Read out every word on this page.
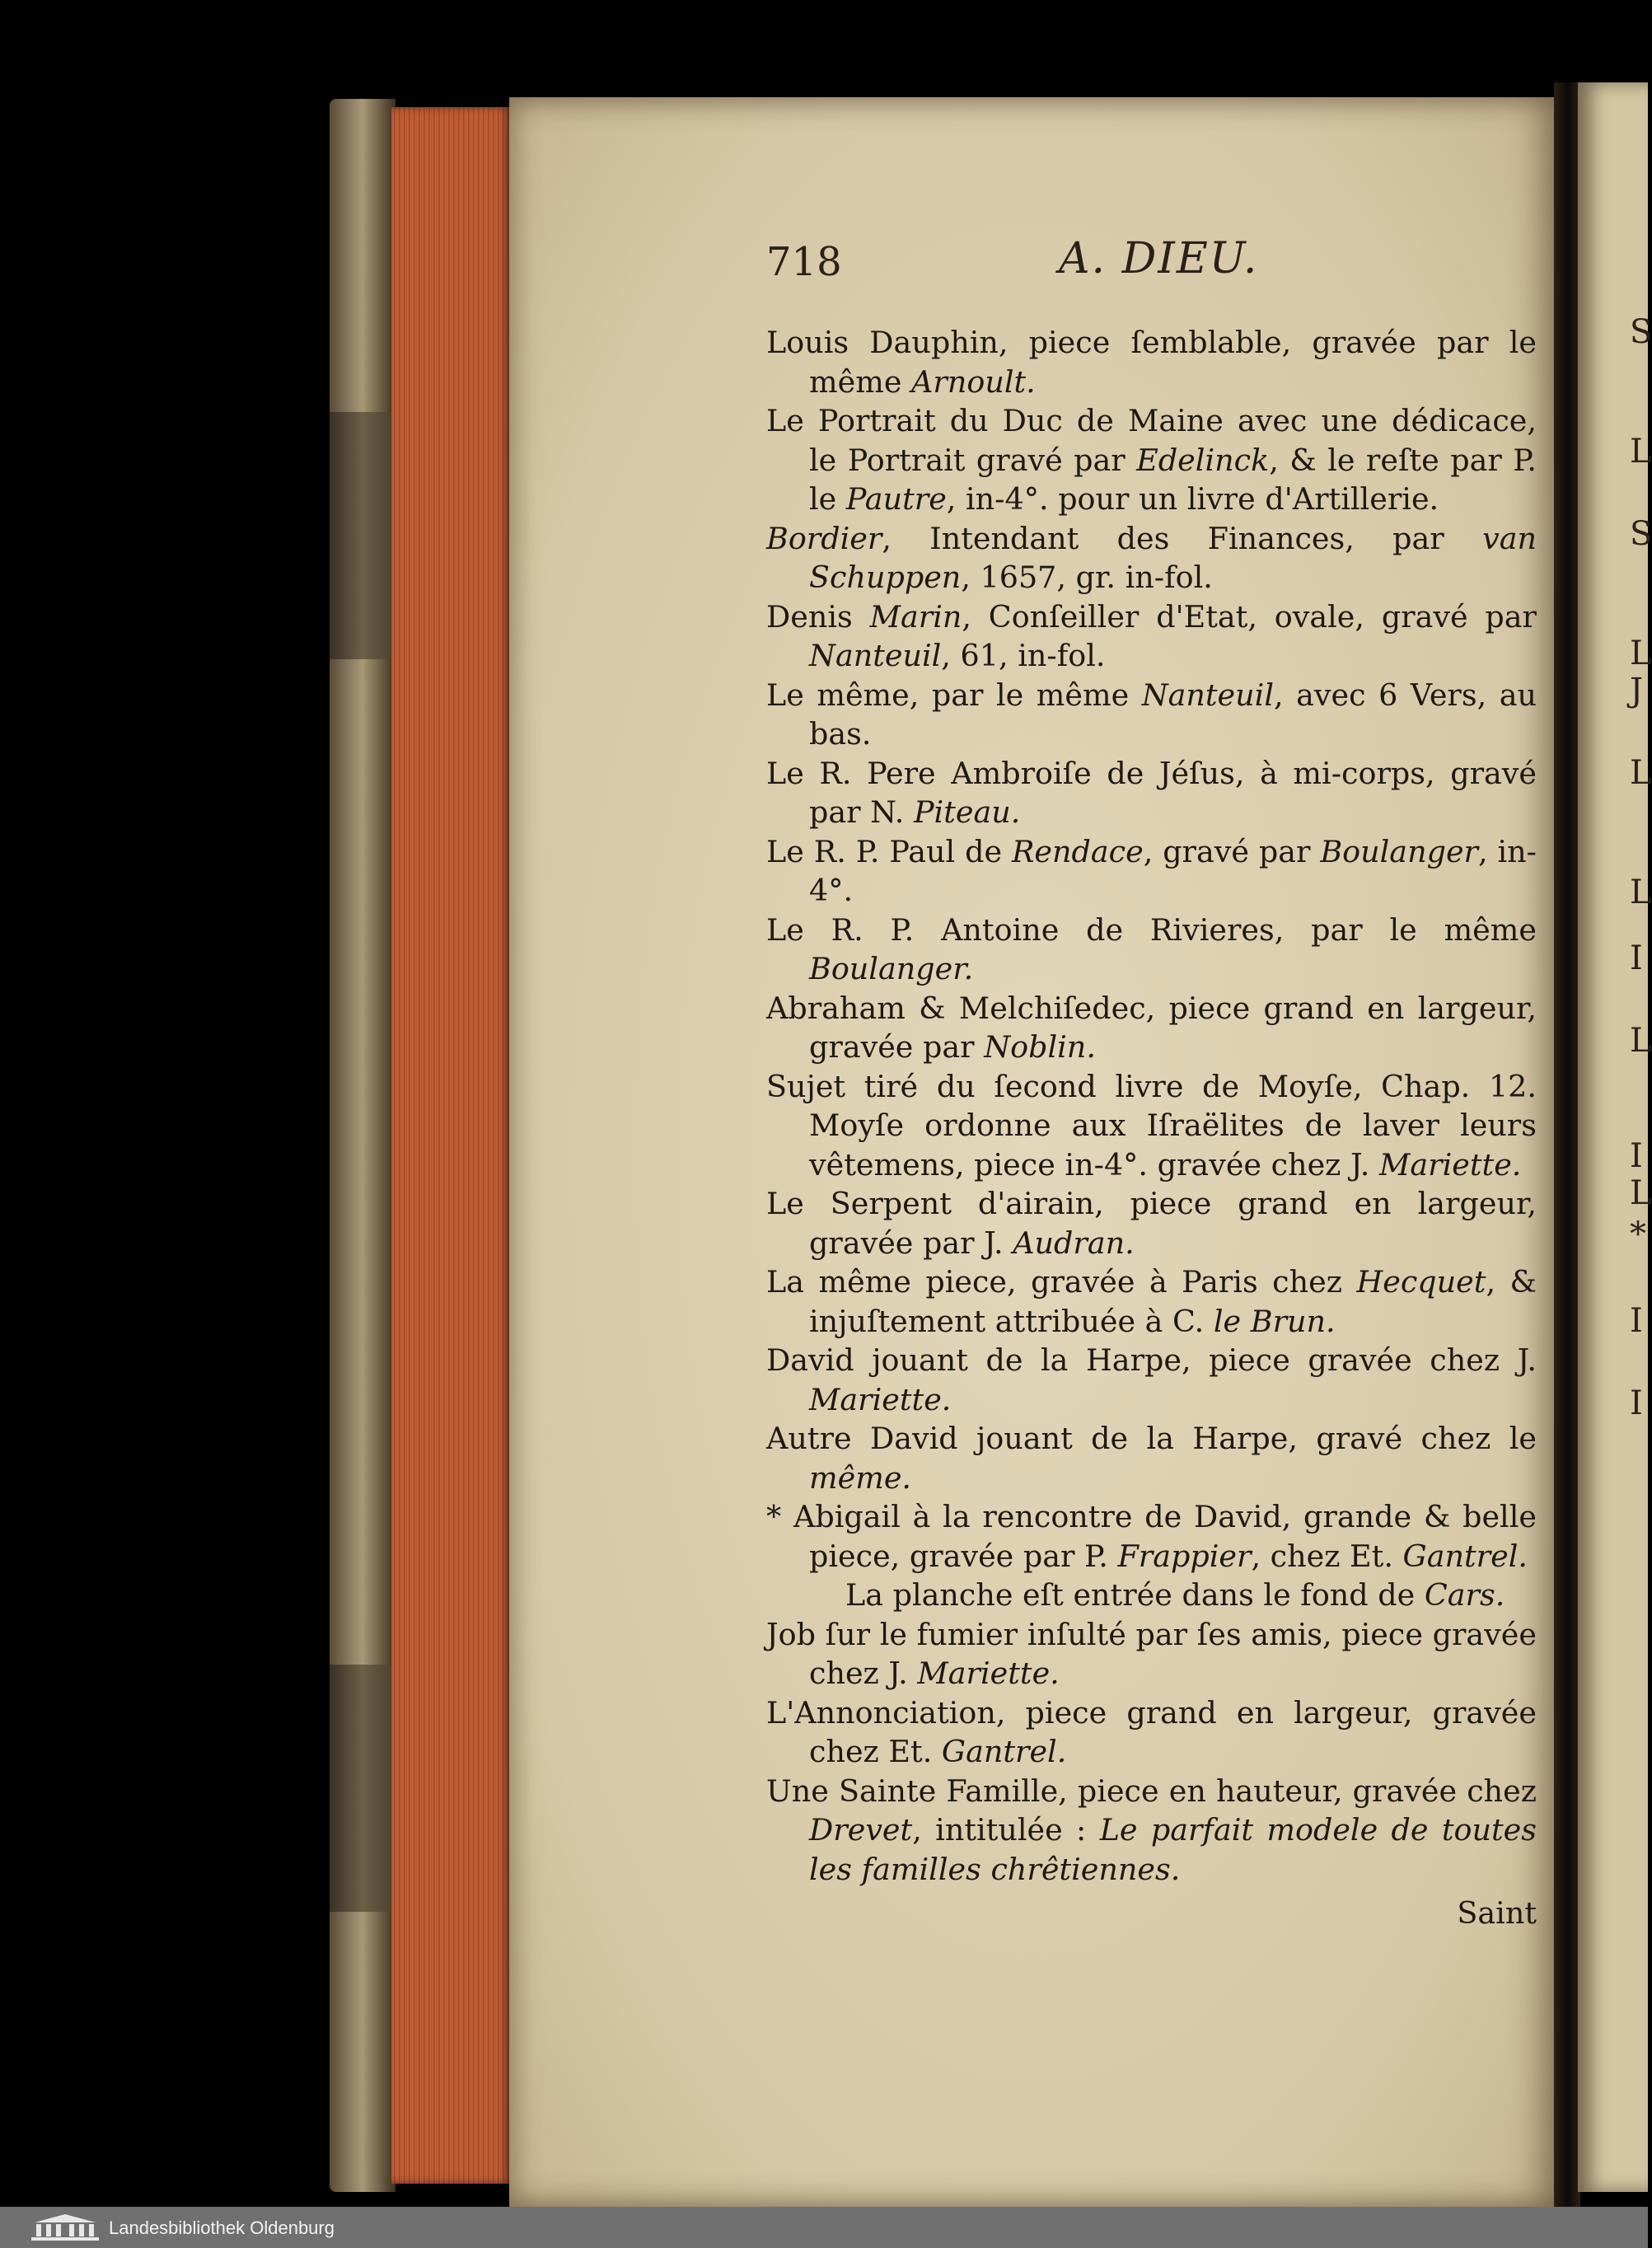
718	A. DIEU.

Louis Dauphin, piece ſemblable, gravée par le même Arnoult.

Le Portrait du Duc de Maine avec une dédicace, le Portrait gravé par Edelinck, & le reſte par P. le Pautre, in-4°. pour un livre d'Artillerie.

Bordier, Intendant des Finances, par van Schuppen, 1657, gr. in-fol.

Denis Marin, Conſeiller d'Etat, ovale, gravé par Nanteuil, 61, in-fol.

Le même, par le même Nanteuil, avec 6 Vers, au bas.

Le R. Pere Ambroiſe de Jéſus, à mi-corps, gravé par N. Piteau.

Le R. P. Paul de Rendace, gravé par Boulanger, in-4°.

Le R. P. Antoine de Rivieres, par le même Boulanger.

Abraham & Melchiſedec, piece grand en largeur, gravée par Noblin.

Sujet tiré du ſecond livre de Moyſe, Chap. 12. Moyſe ordonne aux Iſraëlites de laver leurs vêtemens, piece in-4°. gravée chez J. Mariette.

Le Serpent d'airain, piece grand en largeur, gravée par J. Audran.

La même piece, gravée à Paris chez Hecquet, & injuſtement attribuée à C. le Brun.

David jouant de la Harpe, piece gravée chez J. Mariette.

Autre David jouant de la Harpe, gravé chez le même.

* Abigail à la rencontre de David, grande & belle piece, gravée par P. Frappier, chez Et. Gantrel.

La planche eſt entrée dans le fond de Cars.

Job ſur le fumier inſulté par ſes amis, piece gravée chez J. Mariette.

L'Annonciation, piece grand en largeur, gravée chez Et. Gantrel.

Une Sainte Famille, piece en hauteur, gravée chez Drevet, intitulée : Le parfait modele de toutes les familles chrêtiennes.

Saint

S
L
S
L
J
L
L
I
L
I
L
*
I
I
Landesbibliothek Oldenburg
